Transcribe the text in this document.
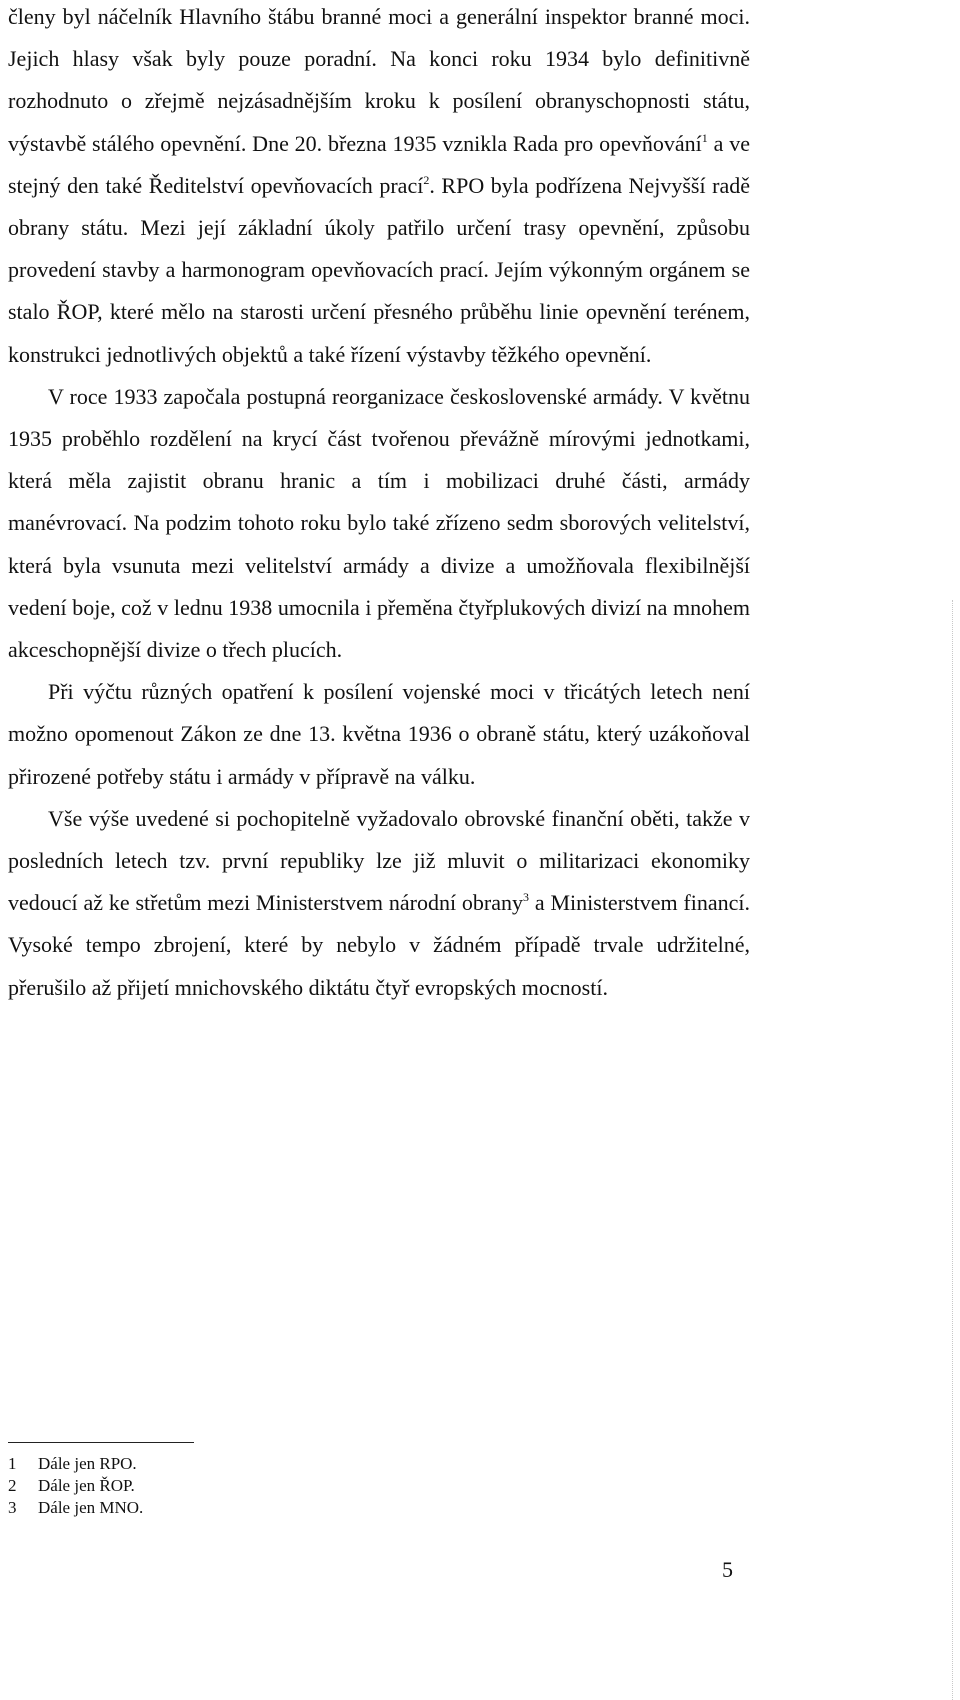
členy byl náčelník Hlavního štábu branné moci a generální inspektor branné moci. Jejich hlasy však byly pouze poradní. Na konci roku 1934 bylo definitivně rozhodnuto o zřejmě nejzásadnějším kroku k posílení obranyschopnosti státu, výstavbě stálého opevnění. Dne 20. března 1935 vznikla Rada pro opevňování$^1$ a ve stejný den také Ředitelství opevňovacích prací$^2$. RPO byla podřízena Nejvyšší radě obrany státu. Mezi její základní úkoly patřilo určení trasy opevnění, způsobu provedení stavby a harmonogram opevňovacích prací. Jejím výkonným orgánem se stalo ŘOP, které mělo na starosti určení přesného průběhu linie opevnění terénem, konstrukci jednotlivých objektů a také řízení výstavby těžkého opevnění.

V roce 1933 započala postupná reorganizace československé armády. V květnu 1935 proběhlo rozdělení na krycí část tvořenou převážně mírovými jednotkami, která měla zajistit obranu hranic a tím i mobilizaci druhé části, armády manévrovací. Na podzim tohoto roku bylo také zřízeno sedm sborových velitelství, která byla vsunuta mezi velitelství armády a divize a umožňovala flexibilnější vedení boje, což v lednu 1938 umocnila i přeměna čtyřplukových divizí na mnohem akceschopnější divize o třech plucích.

Při výčtu různých opatření k posílení vojenské moci v třicátých letech není možno opomenout Zákon ze dne 13. května 1936 o obraně státu, který uzákoňoval přirozené potřeby státu i armády v přípravě na válku.

Vše výše uvedené si pochopitelně vyžadovalo obrovské finanční oběti, takže v posledních letech tzv. první republiky lze již mluvit o militarizaci ekonomiky vedoucí až ke střetům mezi Ministerstvem národní obrany$^3$ a Ministerstvem financí. Vysoké tempo zbrojení, které by nebylo v žádném případě trvale udržitelné, přerušilo až přijetí mnichovského diktátu čtyř evropských mocností.

1	Dále jen RPO.
2	Dále jen ŘOP.
3	Dále jen MNO.
5
